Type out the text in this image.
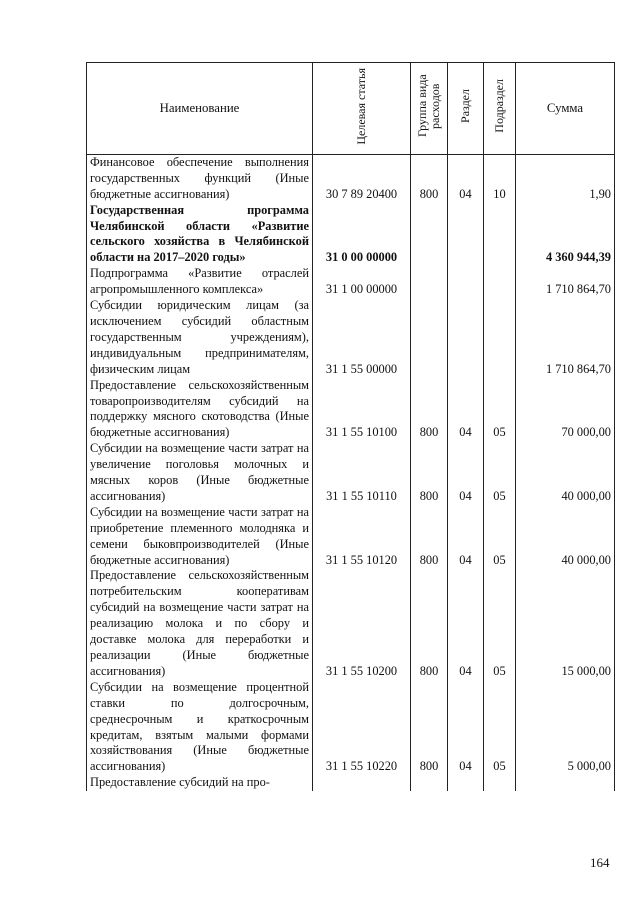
Наименование	Целевая статья	Группа вида расходов	Раздел	Подраздел	Сумма
Финансовое обеспечение выполнения государственных функций (Иные бюджетные ассигнования)	30 7 89 20400	800	04	10	1,90
Государственная программа Челябинской области «Развитие сельского хозяйства в Челябинской области на 2017–2020 годы»	31 0 00 00000				4 360 944,39
Подпрограмма «Развитие отраслей агропромышленного комплекса»	31 1 00 00000				1 710 864,70
Субсидии юридическим лицам (за исключением субсидий областным государственным учреждениям), индивидуальным предпринимателям, физическим лицам	31 1 55 00000				1 710 864,70
Предоставление сельскохозяйственным товаропроизводителям субсидий на поддержку мясного скотоводства (Иные бюджетные ассигнования)	31 1 55 10100	800	04	05	70 000,00
Субсидии на возмещение части затрат на увеличение поголовья молочных и мясных коров (Иные бюджетные ассигнования)	31 1 55 10110	800	04	05	40 000,00
Субсидии на возмещение части затрат на приобретение племенного молодняка и семени быковпроизводителей (Иные бюджетные ассигнования)	31 1 55 10120	800	04	05	40 000,00
Предоставление сельскохозяйственным потребительским кооперативам субсидий на возмещение части затрат на реализацию молока и по сбору и доставке молока для переработки и реализации (Иные бюджетные ассигнования)	31 1 55 10200	800	04	05	15 000,00
Субсидии на возмещение процентной ставки по долгосрочным, среднесрочным и краткосрочным кредитам, взятым малыми формами хозяйствования (Иные бюджетные ассигнования)	31 1 55 10220	800	04	05	5 000,00
Предоставление субсидий на про-					
164
